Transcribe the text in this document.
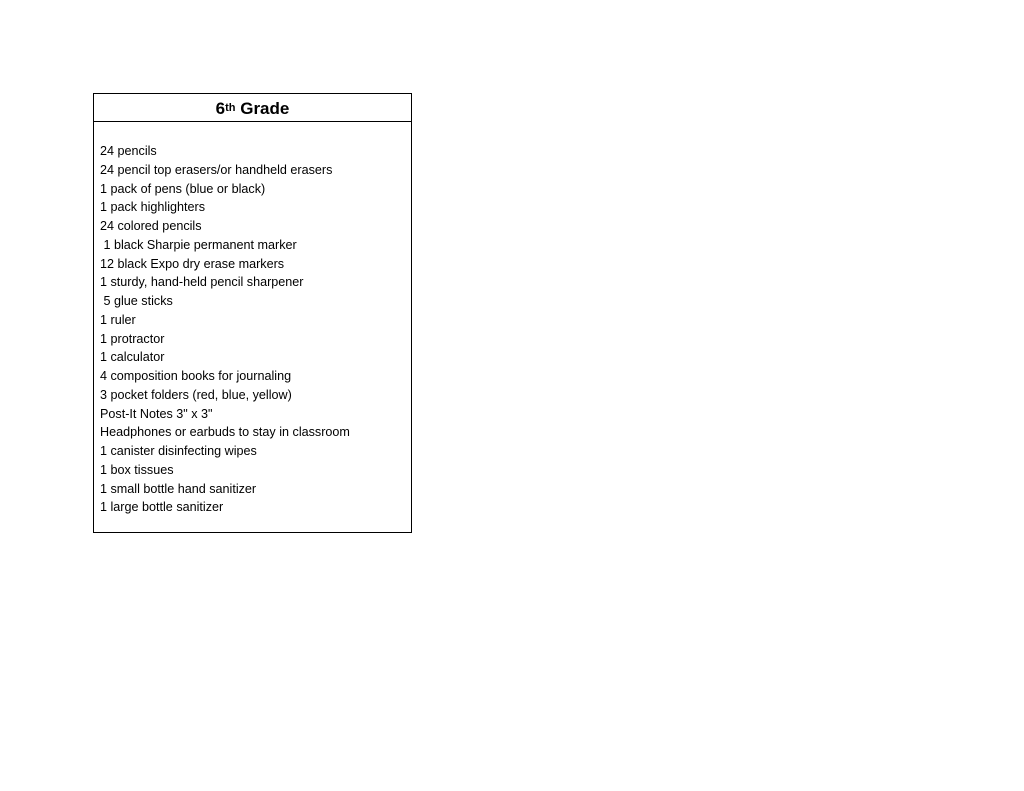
6 th
Grade
24 pencils
24 pencil top erasers/or handheld erasers
1 pack of pens (blue or black)
1 pack highlighters
24 colored pencils
1 black Sharpie permanent marker
12 black Expo dry erase markers
1 sturdy, hand-held pencil sharpener
5 glue sticks
1 ruler
1 protractor
1 calculator
4 composition books for journaling
3 pocket folders (red, blue, yellow)
Post-It Notes 3" x 3"
Headphones or earbuds to stay in classroom
1 canister disinfecting wipes
1 box tissues
1 small bottle hand sanitizer
1 large bottle sanitizer
